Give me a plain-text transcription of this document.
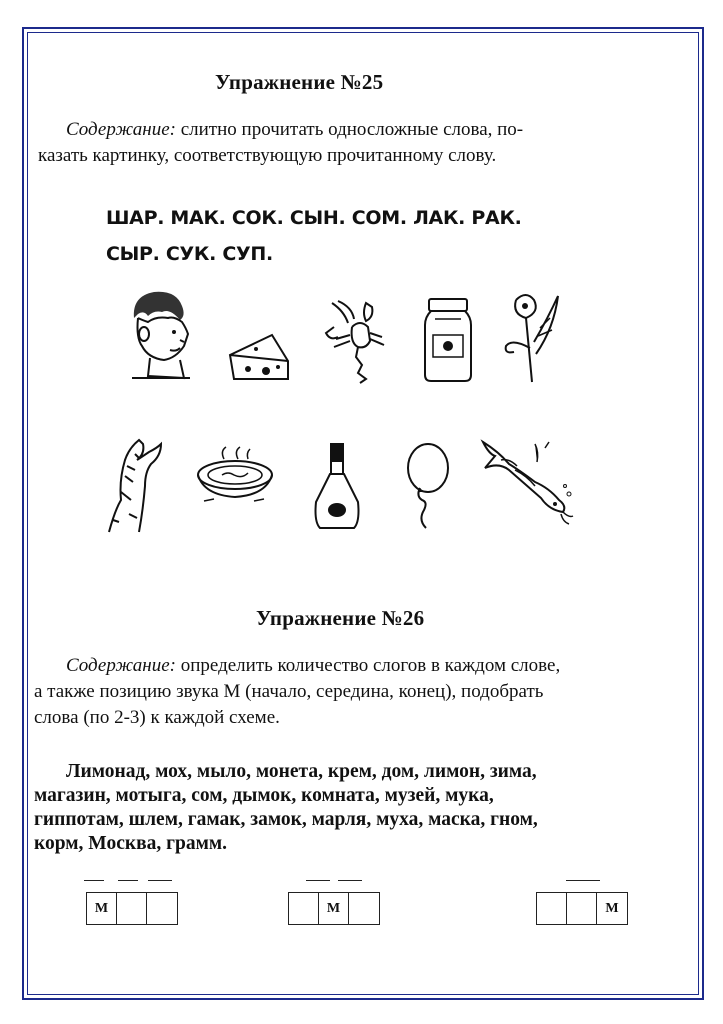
Упражнение №25
Содержание: слитно прочитать односложные слова, по-
казать картинку, соответствующую прочитанному слову.
ШАР. МАК. СОК. СЫН. СОМ. ЛАК. РАК.
СЫР. СУК. СУП.
Упражнение №26
Содержание: определить количество слогов в каждом слове,
а также позицию звука М (начало, середина, конец), подобрать
слова (по 2-3) к каждой схеме.
Лимонад, мох, мыло, монета, крем, дом, лимон, зима,
магазин, мотыга, сом, дымок, комната, музей, мука,
гиппотам, шлем, гамак, замок, марля, муха, маска, гном,
корм, Москва, грамм.
М	М	М
